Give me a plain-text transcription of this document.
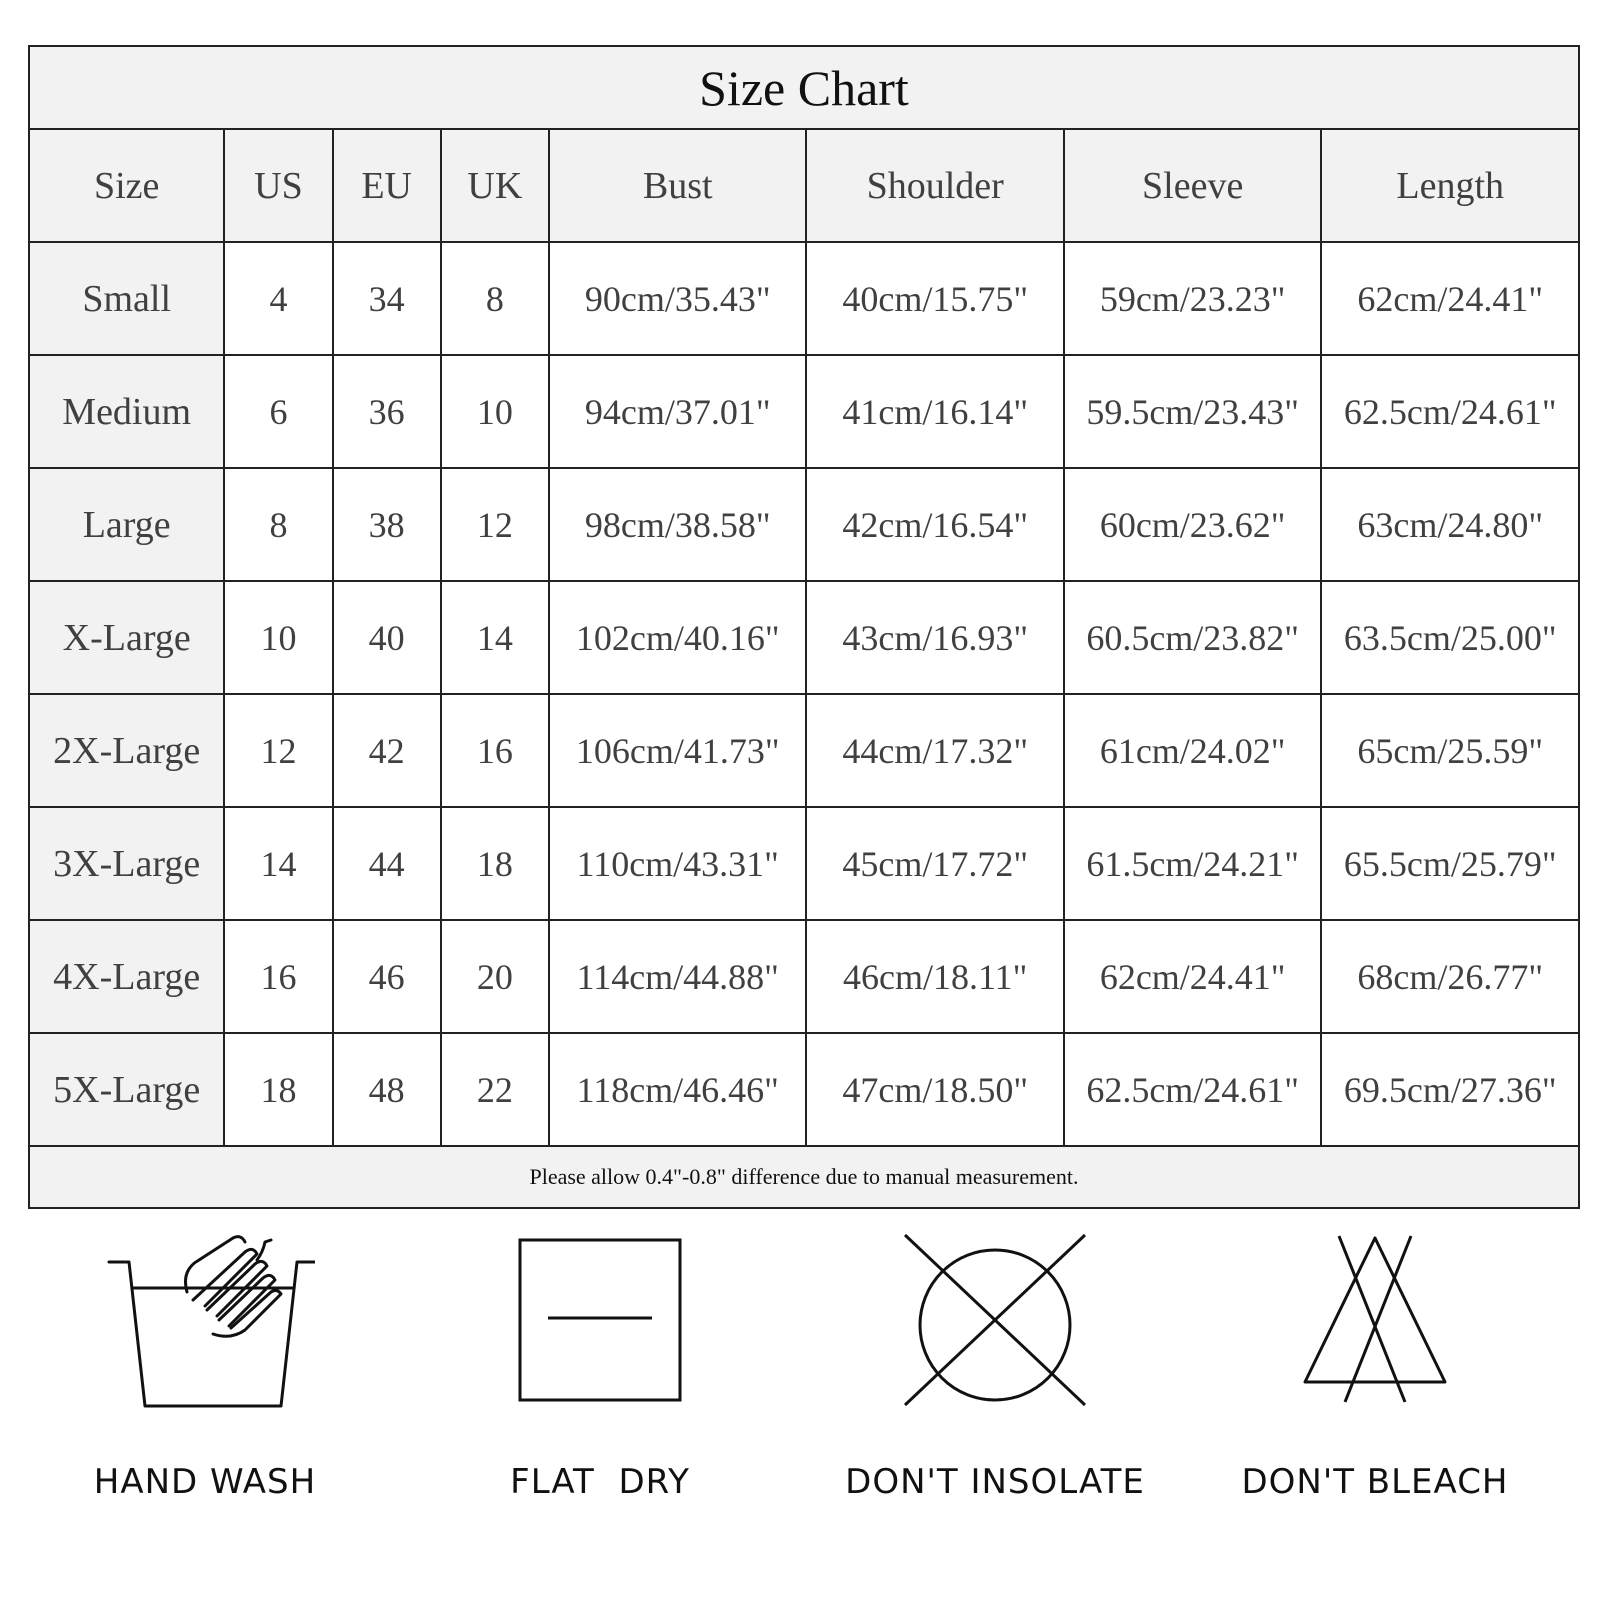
Size Chart							
Size	US	EU	UK	Bust	Shoulder	Sleeve	Length
Small	4	34	8	90cm/35.43"	40cm/15.75"	59cm/23.23"	62cm/24.41"
Medium	6	36	10	94cm/37.01"	41cm/16.14"	59.5cm/23.43"	62.5cm/24.61"
Large	8	38	12	98cm/38.58"	42cm/16.54"	60cm/23.62"	63cm/24.80"
X-Large	10	40	14	102cm/40.16"	43cm/16.93"	60.5cm/23.82"	63.5cm/25.00"
2X-Large	12	42	16	106cm/41.73"	44cm/17.32"	61cm/24.02"	65cm/25.59"
3X-Large	14	44	18	110cm/43.31"	45cm/17.72"	61.5cm/24.21"	65.5cm/25.79"
4X-Large	16	46	20	114cm/44.88"	46cm/18.11"	62cm/24.41"	68cm/26.77"
5X-Large	18	48	22	118cm/46.46"	47cm/18.50"	62.5cm/24.61"	69.5cm/27.36"
Please allow 0.4"-0.8" difference due to manual measurement.							
HAND WASH	FLAT  DRY	DON'T INSOLATE	DON'T BLEACH
